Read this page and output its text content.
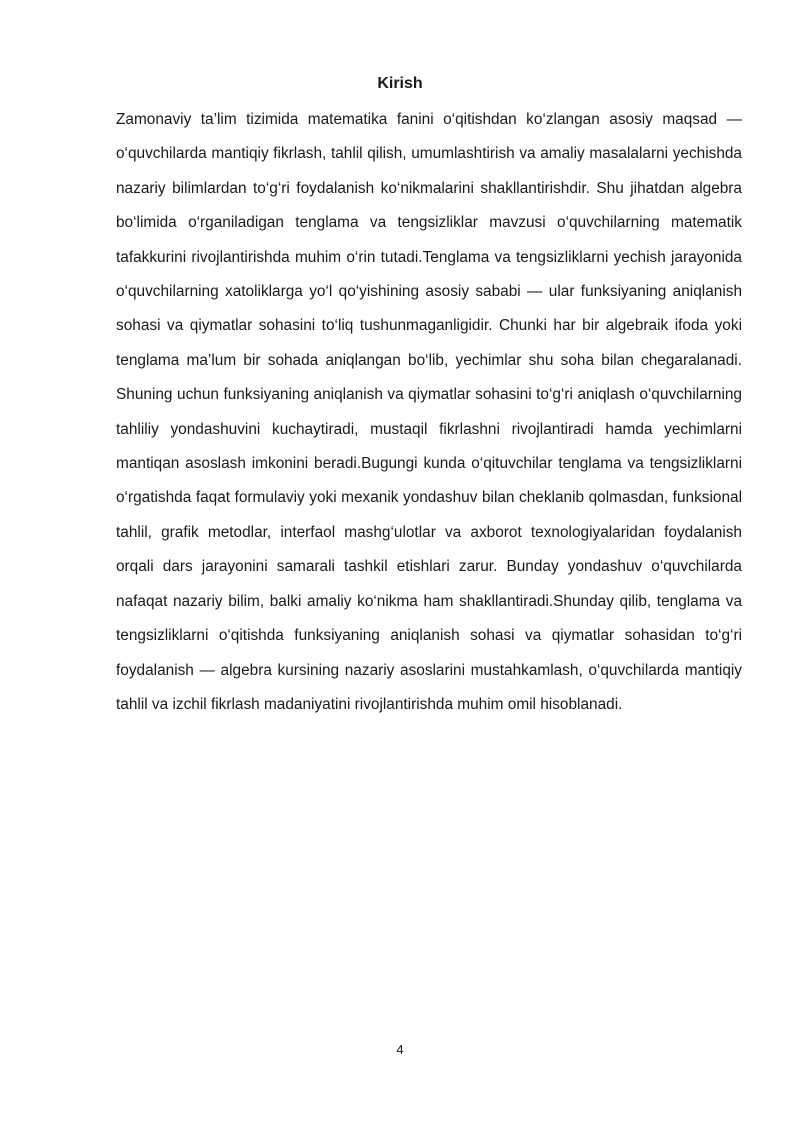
Kirish

Zamonaviy ta’lim tizimida matematika fanini o‘qitishdan ko‘zlangan asosiy maqsad — o‘quvchilarda mantiqiy fikrlash, tahlil qilish, umumlashtirish va amaliy masalalarni yechishda nazariy bilimlardan to‘g‘ri foydalanish ko‘nikmalarini shakllantirishdir. Shu jihatdan algebra bo‘limida o‘rganiladigan tenglama va tengsizliklar mavzusi o‘quvchilarning matematik tafakkurini rivojlantirishda muhim o‘rin tutadi.Tenglama va tengsizliklarni yechish jarayonida o‘quvchilarning xatoliklarga yo‘l qo‘yishining asosiy sababi — ular funksiyaning aniqlanish sohasi va qiymatlar sohasini to‘liq tushunmaganligidir. Chunki har bir algebraik ifoda yoki tenglama ma’lum bir sohada aniqlangan bo‘lib, yechimlar shu soha bilan chegaralanadi. Shuning uchun funksiyaning aniqlanish va qiymatlar sohasini to‘g‘ri aniqlash o‘quvchilarning tahliliy yondashuvini kuchaytiradi, mustaqil fikrlashni rivojlantiradi hamda yechimlarni mantiqan asoslash imkonini beradi.Bugungi kunda o‘qituvchilar tenglama va tengsizliklarni o‘rgatishda faqat formulaviy yoki mexanik yondashuv bilan cheklanib qolmasdan, funksional tahlil, grafik metodlar, interfaol mashg‘ulotlar va axborot texnologiyalaridan foydalanish orqali dars jarayonini samarali tashkil etishlari zarur. Bunday yondashuv o‘quvchilarda nafaqat nazariy bilim, balki amaliy ko‘nikma ham shakllantiradi.Shunday qilib, tenglama va tengsizliklarni o‘qitishda funksiyaning aniqlanish sohasi va qiymatlar sohasidan to‘g‘ri foydalanish — algebra kursining nazariy asoslarini mustahkamlash, o‘quvchilarda mantiqiy tahlil va izchil fikrlash madaniyatini rivojlantirishda muhim omil hisoblanadi.

4
